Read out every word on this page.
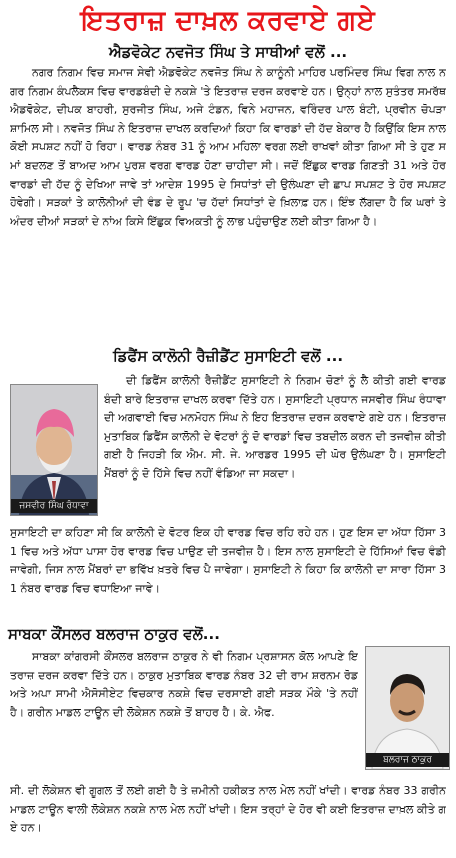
ਇਤਰਾਜ਼ ਦਾਖ਼ਲ ਕਰਵਾਏ ਗਏ
ਐਡਵੋਕੇਟ ਨਵਜੋਤ ਸਿੰਘ ਤੇ ਸਾਥੀਆਂ ਵਲੋਂ ...
ਨਗਰ ਨਿਗਮ ਵਿਚ ਸਮਾਜ ਸੇਵੀ ਐਡਵੋਕੇਟ ਨਵਜੋਤ ਸਿੰਘ ਨੇ ਕਾਨੂੰਨੀ ਮਾਹਿਰ ਪਰਮਿੰਦਰ ਸਿੰਘ ਵਿਗ ਨਾਲ ਨਗਰ ਨਿਗਮ ਕੰਪਲੈਕਸ ਵਿਚ ਵਾਰਡਬੰਦੀ ਦੇ ਨਕਸ਼ੇ 'ਤੇ ਇਤਰਾਜ਼ ਦਰਜ ਕਰਵਾਏ ਹਨ। ਉਨ੍ਹਾਂ ਨਾਲ ਸੁਤੰਤਰ ਸਮਰੱਥ ਐਡਵੋਕੇਟ, ਦੀਪਕ ਬਾਹਰੀ, ਸੁਰਜੀਤ ਸਿੰਘ, ਅਜੇ ਟੰਡਨ, ਵਿਨੇ ਮਹਾਜਨ, ਵਰਿੰਦਰ ਪਾਲ ਬੰਟੀ, ਪ੍ਰਵੀਨ ਚੋਪੜਾ ਸ਼ਾਮਿਲ ਸੀ। ਨਵਜੋਤ ਸਿੰਘ ਨੇ ਇਤਰਾਜ਼ ਦਾਖਲ ਕਰਦਿਆਂ ਕਿਹਾ ਕਿ ਵਾਰਡਾਂ ਦੀ ਹੱਦ ਬੇਕਾਰ ਹੈ ਕਿਉਂਕਿ ਇਸ ਨਾਲ ਕੋਈ ਸਪਸ਼ਟ ਨਹੀਂ ਹੋ ਰਿਹਾ। ਵਾਰਡ ਨੰਬਰ 31 ਨੂੰ ਆਮ ਮਹਿਲਾ ਵਰਗ ਲਈ ਰਾਖਵਾਂ ਕੀਤਾ ਗਿਆ ਸੀ ਤੇ ਹੁਣ ਸਮਾਂ ਬਦਲਣ ਤੋਂ ਬਾਅਦ ਆਮ ਪੁਰਸ਼ ਵਰਗ ਵਾਰਡ ਹੋਣਾ ਚਾਹੀਦਾ ਸੀ। ਜਦੋਂ ਇੱਛੁਕ ਵਾਰਡ ਗਿਣਤੀ 31 ਅਤੇ ਹੋਰ ਵਾਰਡਾਂ ਦੀ ਹੱਦ ਨੂੰ ਦੇਖਿਆ ਜਾਵੇ ਤਾਂ ਆਦੇਸ਼ 1995 ਦੇ ਸਿਧਾਂਤਾਂ ਦੀ ਉਲੰਘਣਾ ਦੀ ਛਾਪ ਸਪਸ਼ਟ ਤੇ ਹੋਰ ਸਪਸ਼ਟ ਹੋਵੇਗੀ। ਸੜਕਾਂ ਤੇ ਕਾਲੋਨੀਆਂ ਦੀ ਵੰਡ ਦੇ ਰੂਪ 'ਚ ਹੱਦਾਂ ਸਿਧਾਂਤਾਂ ਦੇ ਖ਼ਿਲਾਫ਼ ਹਨ। ਇੰਝ ਲੱਗਦਾ ਹੈ ਕਿ ਘਰਾਂ ਤੇ ਅੰਦਰ ਦੀਆਂ ਸੜਕਾਂ ਦੇ ਨਾਂਅ ਕਿਸੇ ਇੱਛੁਕ ਵਿਅਕਤੀ ਨੂੰ ਲਾਭ ਪਹੁੰਚਾਉਣ ਲਈ ਕੀਤਾ ਗਿਆ ਹੈ।
ਡਿਫੈਂਸ ਕਾਲੋਨੀ ਰੈਜ਼ੀਡੈਂਟ ਸੁਸਾਇਟੀ ਵਲੋਂ ...
ਜਸਵੀਰ ਸਿੰਘ ਰੰਧਾਵਾ
ਦੀ ਡਿਫੈਂਸ ਕਾਲੋਨੀ ਰੈਜ਼ੀਡੈਂਟ ਸੁਸਾਇਟੀ ਨੇ ਨਿਗਮ ਚੋਣਾਂ ਨੂੰ ਲੈ ਕੀਤੀ ਗਈ ਵਾਰਡਬੰਦੀ ਬਾਰੇ ਇਤਰਾਜ਼ ਦਾਖਲ ਕਰਵਾ ਦਿੱਤੇ ਹਨ। ਸੁਸਾਇਟੀ ਪ੍ਰਧਾਨ ਜਸਵੀਰ ਸਿੰਘ ਰੰਧਾਵਾ ਦੀ ਅਗਵਾਈ ਵਿਚ ਮਨਮੋਹਨ ਸਿੰਘ ਨੇ ਇਹ ਇਤਰਾਜ਼ ਦਰਜ ਕਰਵਾਏ ਗਏ ਹਨ। ਇਤਰਾਜ਼ ਮੁਤਾਬਿਕ ਡਿਫੈਂਸ ਕਾਲੋਨੀ ਦੇ ਵੋਟਰਾਂ ਨੂੰ ਦੋ ਵਾਰਡਾਂ ਵਿਚ ਤਬਦੀਲ ਕਰਨ ਦੀ ਤਜਵੀਜ਼ ਕੀਤੀ ਗਈ ਹੈ ਜਿਹੜੀ ਕਿ ਐਮ. ਸੀ. ਜੇ. ਆਰਡਰ 1995 ਦੀ ਘੋਰ ਉਲੰਘਣਾ ਹੈ। ਸੁਸਾਇਟੀ ਮੈਂਬਰਾਂ ਨੂੰ ਦੋ ਹਿੱਸੇ ਵਿਚ ਨਹੀਂ ਵੰਡਿਆ ਜਾ ਸਕਦਾ।
ਸੁਸਾਇਟੀ ਦਾ ਕਹਿਣਾ ਸੀ ਕਿ ਕਾਲੋਨੀ ਦੇ ਵੋਟਰ ਇਕ ਹੀ ਵਾਰਡ ਵਿਚ ਰਹਿ ਰਹੇ ਹਨ। ਹੁਣ ਇਸ ਦਾ ਅੱਧਾ ਹਿੱਸਾ 31 ਵਿਚ ਅਤੇ ਅੱਧਾ ਪਾਸਾ ਹੋਰ ਵਾਰਡ ਵਿਚ ਪਾਉਣ ਦੀ ਤਜਵੀਜ਼ ਹੈ। ਇਸ ਨਾਲ ਸੁਸਾਇਟੀ ਦੇ ਹਿੱਸਿਆਂ ਵਿਚ ਵੰਡੀ ਜਾਵੇਗੀ, ਜਿਸ ਨਾਲ ਮੈਂਬਰਾਂ ਦਾ ਭਵਿੱਖ ਖ਼ਤਰੇ ਵਿਚ ਪੈ ਜਾਵੇਗਾ। ਸੁਸਾਇਟੀ ਨੇ ਕਿਹਾ ਕਿ ਕਾਲੋਨੀ ਦਾ ਸਾਰਾ ਹਿੱਸਾ 31 ਨੰਬਰ ਵਾਰਡ ਵਿਚ ਵਧਾਇਆ ਜਾਵੇ।
ਸਾਬਕਾ ਕੌਂਸਲਰ ਬਲਰਾਜ ਠਾਕੁਰ ਵਲੋਂ...
ਬਲਰਾਜ ਠਾਕੁਰ
ਸਾਬਕਾ ਕਾਂਗਰਸੀ ਕੌਂਸਲਰ ਬਲਰਾਜ ਠਾਕੁਰ ਨੇ ਵੀ ਨਿਗਮ ਪ੍ਰਸ਼ਾਸਨ ਕੋਲ ਆਪਣੇ ਇਤਰਾਜ਼ ਦਰਜ ਕਰਵਾ ਦਿੱਤੇ ਹਨ। ਠਾਕੁਰ ਮੁਤਾਬਿਕ ਵਾਰਡ ਨੰਬਰ 32 ਦੀ ਰਾਮ ਸ਼ਰਨਮ ਰੋਡ ਅਤੇ ਅਪਾ ਸਾਮੀ ਐਸੋਸੀਏਟ ਵਿਚਕਾਰ ਨਕਸ਼ੇ ਵਿਚ ਦਰਸਾਈ ਗਈ ਸੜਕ ਮੌਕੇ 'ਤੇ ਨਹੀਂ ਹੈ। ਗਰੀਨ ਮਾਡਲ ਟਾਊਨ ਦੀ ਲੋਕੇਸ਼ਨ ਨਕਸ਼ੇ ਤੋਂ ਬਾਹਰ ਹੈ। ਕੇ. ਐਫ.
ਸੀ. ਦੀ ਲੋਕੇਸ਼ਨ ਵੀ ਗੂਗਲ ਤੋਂ ਲਈ ਗਈ ਹੈ ਤੇ ਜ਼ਮੀਨੀ ਹਕੀਕਤ ਨਾਲ ਮੇਲ ਨਹੀਂ ਖਾਂਦੀ। ਵਾਰਡ ਨੰਬਰ 33 ਗਰੀਨ ਮਾਡਲ ਟਾਊਨ ਵਾਲੀ ਲੋਕੇਸ਼ਨ ਨਕਸ਼ੇ ਨਾਲ ਮੇਲ ਨਹੀਂ ਖਾਂਦੀ। ਇਸ ਤਰ੍ਹਾਂ ਦੇ ਹੋਰ ਵੀ ਕਈ ਇਤਰਾਜ਼ ਦਾਖ਼ਲ ਕੀਤੇ ਗਏ ਹਨ।
